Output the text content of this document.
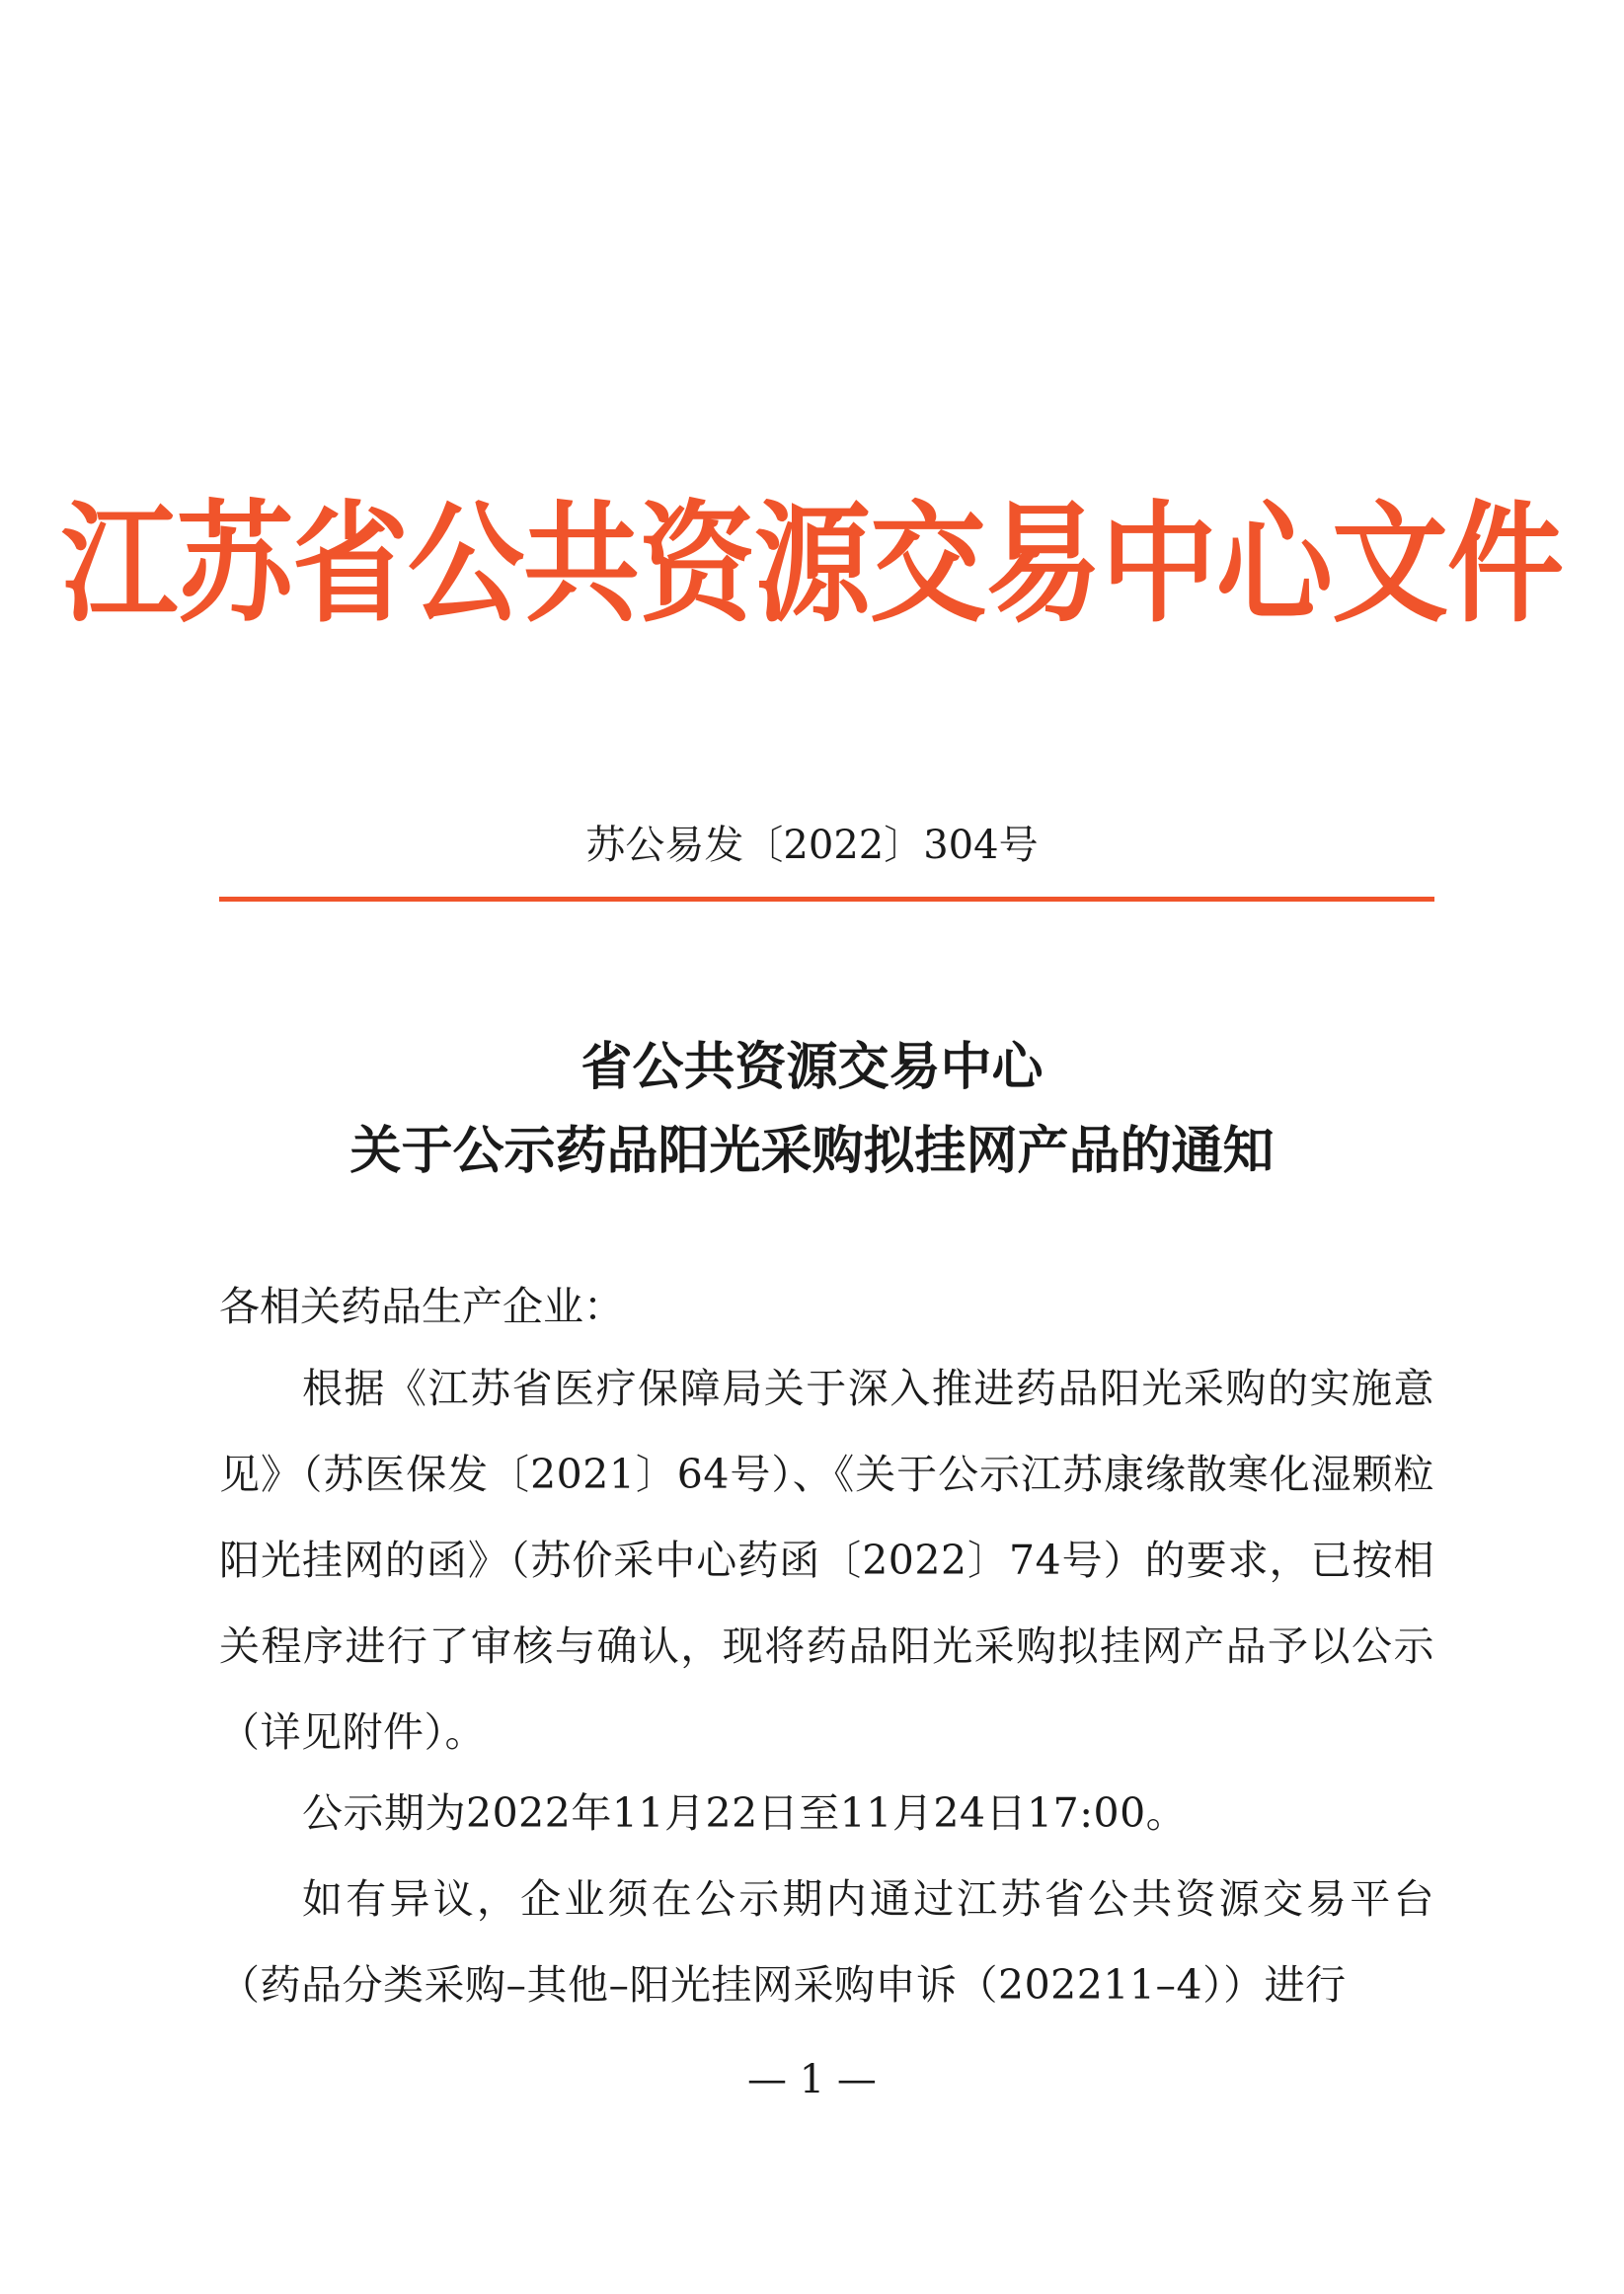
江苏省公共资源交易中心文件
苏公易发〔2022〕304号
省公共资源交易中心
关于公示药品阳光采购拟挂网产品的通知
各相关药品生产企业：
根据《江苏省医疗保障局关于深入推进药品阳光采购的实施意见》（苏医保发〔2021〕64号）、《关于公示江苏康缘散寒化湿颗粒阳光挂网的函》（苏价采中心药函〔2022〕74号）的要求，已按相关程序进行了审核与确认，现将药品阳光采购拟挂网产品予以公示（详见附件）。
公示期为2022年11月22日至11月24日17:00。
如有异议，企业须在公示期内通过江苏省公共资源交易平台（药品分类采购–其他–阳光挂网采购申诉（202211–4））进行
— 1 —
